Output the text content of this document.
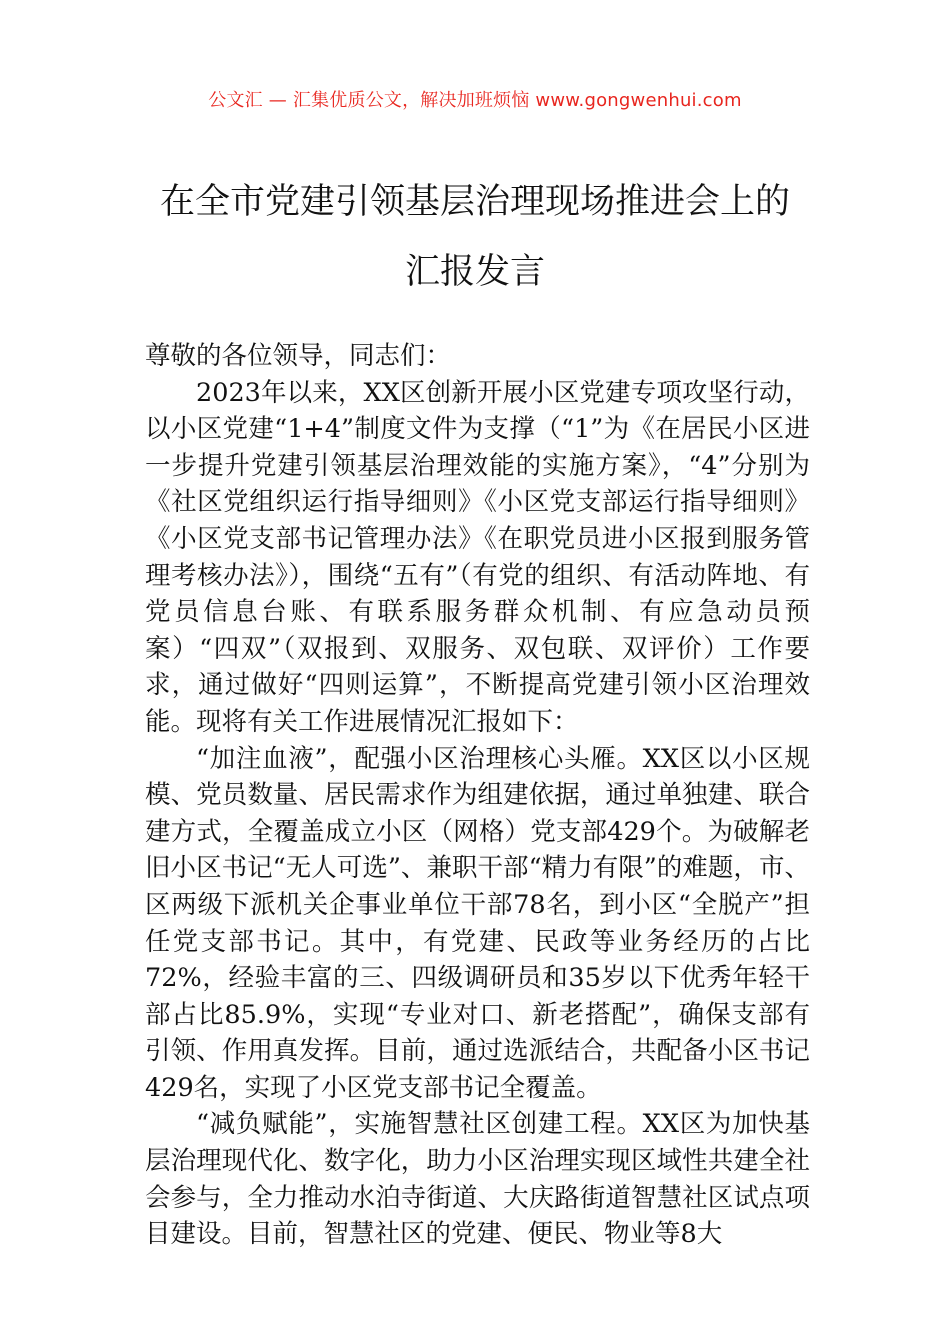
公文汇 — 汇集优质公文，解决加班烦恼 www.gongwenhui.com
在全市党建引领基层治理现场推进会上的
汇报发言

尊敬的各位领导，同志们：

2023年以来，XX区创新开展小区党建专项攻坚行动，以小区党建“1+4”制度文件为支撑（“1”为《在居民小区进一步提升党建引领基层治理效能的实施方案》，“4”分别为《社区党组织运行指导细则》《小区党支部运行指导细则》《小区党支部书记管理办法》《在职党员进小区报到服务管理考核办法》），围绕“五有”（有党的组织、有活动阵地、有党员信息台账、有联系服务群众机制、有应急动员预案）“四双”（双报到、双服务、双包联、双评价）工作要求，通过做好“四则运算”，不断提高党建引领小区治理效能。现将有关工作进展情况汇报如下：

“加注血液”，配强小区治理核心头雁。XX区以小区规模、党员数量、居民需求作为组建依据，通过单独建、联合建方式，全覆盖成立小区（网格）党支部429个。为破解老旧小区书记“无人可选”、兼职干部“精力有限”的难题，市、区两级下派机关企事业单位干部78名，到小区“全脱产”担任党支部书记。其中，有党建、民政等业务经历的占比72%，经验丰富的三、四级调研员和35岁以下优秀年轻干部占比85.9%，实现“专业对口、新老搭配”，确保支部有引领、作用真发挥。目前，通过选派结合，共配备小区书记429名，实现了小区党支部书记全覆盖。

“减负赋能”，实施智慧社区创建工程。XX区为加快基层治理现代化、数字化，助力小区治理实现区域性共建全社会参与，全力推动水泊寺街道、大庆路街道智慧社区试点项目建设。目前，智慧社区的党建、便民、物业等8大
